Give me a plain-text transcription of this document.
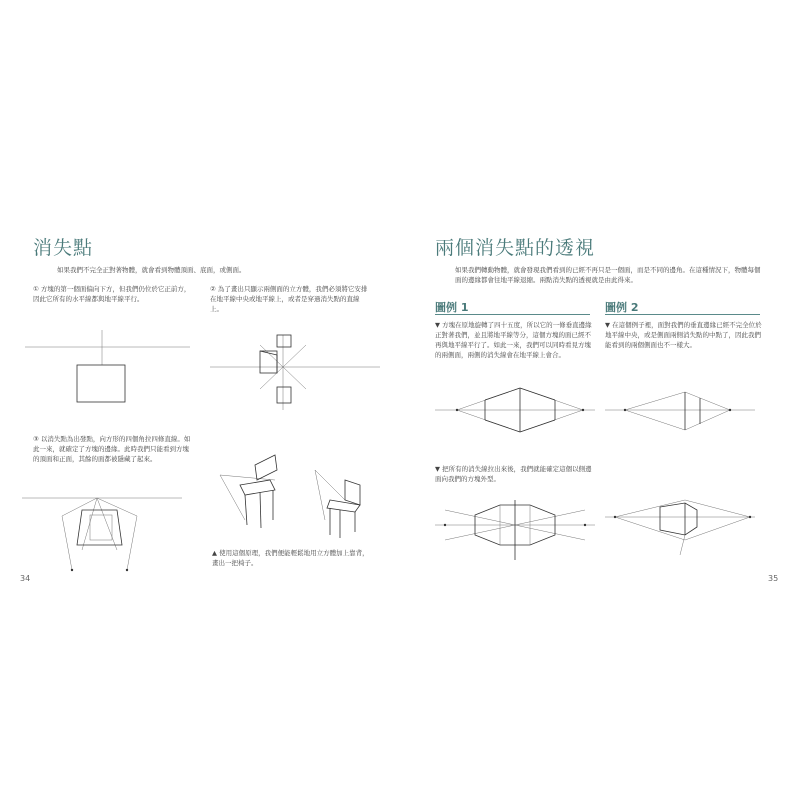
消失點
如果我們不完全正對著物體，就會看到物體頂面、底面，或側面。
① 方塊的第一個面偏向下方，但我們仍位於它正前方，因此它所有的水平線都與地平線平行。
② 為了畫出只顯示兩側面的立方體，我們必須將它安排在地平線中央或地平線上，或者是穿過消失點的直線上。
③ 以消失點為出發點，向方形的四個角拉四條直線。如此一來，就確定了方塊的邊緣。此時我們只能看到方塊的頂面和正面，其餘的面都被隱藏了起來。
▲ 使用這個原理，我們便能輕鬆地用立方體加上靠背，畫出一把椅子。
34
兩個消失點的透視
如果我們轉動物體，就會發現我們看到的已經不再只是一個面，而是不同的邊角。在這種情況下，物體每個面的邊緣都會往地平線退縮。兩點消失點的透視就是由此得來。
圖例 1	圖例 2
▼ 方塊在原地旋轉了四十五度，所以它的一條垂直邊緣正對著我們，並且將地平線等分，這個方塊的面已經不再與地平線平行了。如此一來，我們可以同時看見方塊的兩側面，兩側的消失線會在地平線上會合。
▼ 在這個例子裡，面對我們的垂直邊緣已經不完全位於地平線中央，或是側面兩側消失點的中點了，因此我們能看到的兩個側面也不一樣大。
▼ 把所有的消失線拉出來後，我們就能確定這個以側邊面向我們的方塊外型。
35
